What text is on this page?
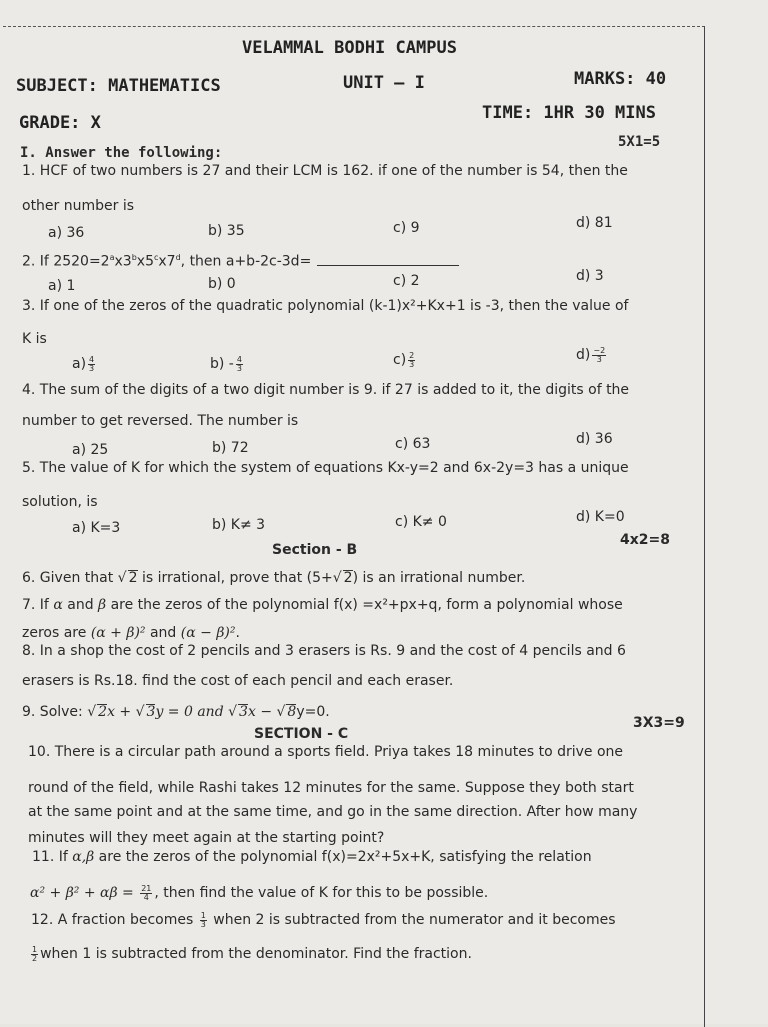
VELAMMAL BODHI CAMPUS
SUBJECT: MATHEMATICS	UNIT – I	MARKS: 40
GRADE: X	TIME: 1HR 30 MINS
I. Answer the following:
5X1=5
1. HCF of two numbers is 27 and their LCM is 162. if one of the number is 54, then the
other number is
a) 36	b) 35	c) 9	d) 81
2. If $2520=2^ax3^bx5^cx7^d$, then a+b-2c-3d=
a) 1	b) 0	c) 2	d) 3
3. If one of the zeros of the quadratic polynomial (k-1)x²+Kx+1 is -3, then the value of
K is
$a) \frac{4}{3}$	$b) - \frac{4}{3}$	$c) \frac{2}{3}$	$d) \frac{-2}{3}$
4. The sum of the digits of a two digit number is 9. if 27 is added to it, the digits of the
number to get reversed. The number is
a) 25	b) 72	c) 63	d) 36
5. The value of K for which the system of equations Kx-y=2 and 6x-2y=3 has a unique
solution, is
a) K=3	b) K≠ 3	c) K≠ 0	d) K=0
Section - B
4x2=8
6. Given that √ 2 is irrational, prove that (5+√ 2) is an irrational number.
7. If α and β are the zeros of the polynomial f(x) =x²+px+q, form a polynomial whose
zeros are (α + β)² and (α − β)².
8. In a shop the cost of 2 pencils and 3 erasers is Rs. 9 and the cost of 4 pencils and 6
erasers is Rs.18. find the cost of each pencil and each eraser.
9. Solve: √ 2x + √ 3y = 0 and √ 3x − √ 8y=0.
SECTION - C
3X3=9
10. There is a circular path around a sports field. Priya takes 18 minutes to drive one
round of the field, while Rashi takes 12 minutes for the same. Suppose they both start
at the same point and at the same time, and go in the same direction. After how many
minutes will they meet again at the starting point?
11. If α,β are the zeros of the polynomial f(x)=2x²+5x+K, satisfying the relation
$\alpha^2 + \beta^2 + \alpha\beta = \frac{21}{4}$ , then find the value of K for this to be possible.
12. A fraction becomes $\frac{1}{3}$ when 2 is subtracted from the numerator and it becomes
$\frac{1}{2}$ when 1 is subtracted from the denominator. Find the fraction.
